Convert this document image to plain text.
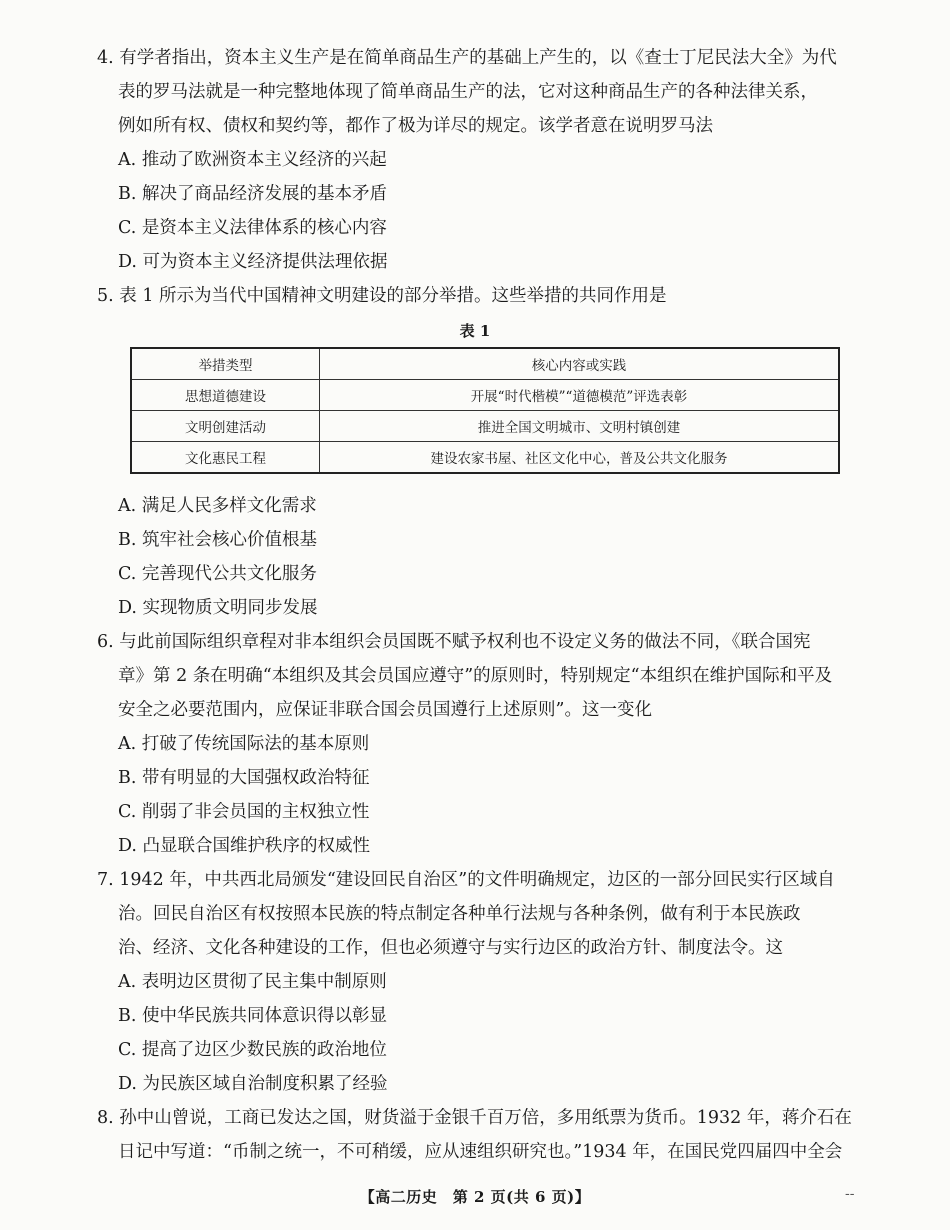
4. 有学者指出，资本主义生产是在简单商品生产的基础上产生的，以《查士丁尼民法大全》为代
表的罗马法就是一种完整地体现了简单商品生产的法，它对这种商品生产的各种法律关系，
例如所有权、债权和契约等，都作了极为详尽的规定。该学者意在说明罗马法
A. 推动了欧洲资本主义经济的兴起
B. 解决了商品经济发展的基本矛盾
C. 是资本主义法律体系的核心内容
D. 可为资本主义经济提供法理依据
5. 表 1 所示为当代中国精神文明建设的部分举措。这些举措的共同作用是
表 1
举措类型	核心内容或实践
思想道德建设	开展“时代楷模”“道德模范”评选表彰
文明创建活动	推进全国文明城市、文明村镇创建
文化惠民工程	建设农家书屋、社区文化中心，普及公共文化服务
A. 满足人民多样文化需求
B. 筑牢社会核心价值根基
C. 完善现代公共文化服务
D. 实现物质文明同步发展
6. 与此前国际组织章程对非本组织会员国既不赋予权利也不设定义务的做法不同，《联合国宪
章》第 2 条在明确“本组织及其会员国应遵守”的原则时，特别规定“本组织在维护国际和平及
安全之必要范围内，应保证非联合国会员国遵行上述原则”。这一变化
A. 打破了传统国际法的基本原则
B. 带有明显的大国强权政治特征
C. 削弱了非会员国的主权独立性
D. 凸显联合国维护秩序的权威性
7. 1942 年，中共西北局颁发“建设回民自治区”的文件明确规定，边区的一部分回民实行区域自
治。回民自治区有权按照本民族的特点制定各种单行法规与各种条例，做有利于本民族政
治、经济、文化各种建设的工作，但也必须遵守与实行边区的政治方针、制度法令。这
A. 表明边区贯彻了民主集中制原则
B. 使中华民族共同体意识得以彰显
C. 提高了边区少数民族的政治地位
D. 为民族区域自治制度积累了经验
8. 孙中山曾说，工商已发达之国，财货溢于金银千百万倍，多用纸票为货币。1932 年，蒋介石在
日记中写道：“币制之统一，不可稍缓，应从速组织研究也。”1934 年，在国民党四届四中全会
【高二历史　第 2 页(共 6 页)】	--
